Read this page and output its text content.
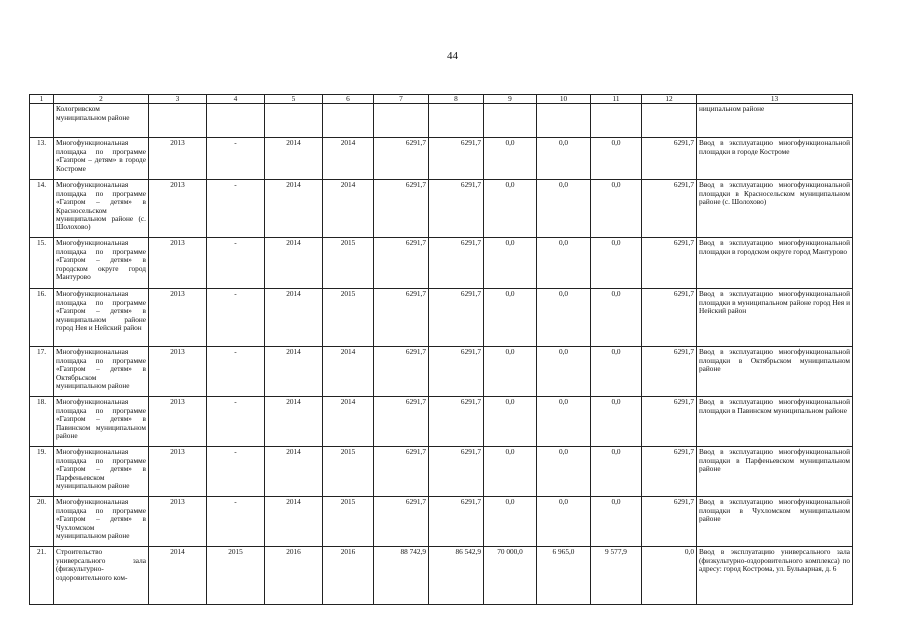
44
1	2	3	4	5	6	7	8	9	10	11	12	13
	Кологривском муниципальном районе											ниципальном районе
13.	Многофункциональная площадка по программе «Газпром – детям» в городе Костроме	2013	-	2014	2014	6291,7	6291,7	0,0	0,0	0,0	6291,7	Ввод в эксплуатацию многофункциональной площадки в городе Костроме
14.	Многофункциональная площадка по программе «Газпром – детям» в Красносельском муниципальном районе (с. Шолохово)	2013	-	2014	2014	6291,7	6291,7	0,0	0,0	0,0	6291,7	Ввод в эксплуатацию многофункциональной площадки в Красносельском муниципальном районе (с. Шолохово)
15.	Многофункциональная площадка по программе «Газпром – детям» в городском округе город Мантурово	2013	-	2014	2015	6291,7	6291,7	0,0	0,0	0,0	6291,7	Ввод в эксплуатацию многофункциональной площадки в городском округе город Мантурово
16.	Многофункциональная площадка по программе «Газпром – детям» в муниципальном районе город Нея и Нейский район	2013	-	2014	2015	6291,7	6291,7	0,0	0,0	0,0	6291,7	Ввод в эксплуатацию многофункциональной площадки в муниципальном районе город Нея и Нейский район
17.	Многофункциональная площадка по программе «Газпром – детям» в Октябрьском муниципальном районе	2013	-	2014	2014	6291,7	6291,7	0,0	0,0	0,0	6291,7	Ввод в эксплуатацию многофункциональной площадки в Октябрьском муниципальном районе
18.	Многофункциональная площадка по программе «Газпром – детям» в Павинском муниципальном районе	2013	-	2014	2014	6291,7	6291,7	0,0	0,0	0,0	6291,7	Ввод в эксплуатацию многофункциональной площадки в Павинском муниципальном районе
19.	Многофункциональная площадка по программе «Газпром – детям» в Парфеньевском муниципальном районе	2013	-	2014	2015	6291,7	6291,7	0,0	0,0	0,0	6291,7	Ввод в эксплуатацию многофункциональной площадки в Парфеньевском муниципальном районе
20.	Многофункциональная площадка по программе «Газпром – детям» в Чухломском муниципальном районе	2013	-	2014	2015	6291,7	6291,7	0,0	0,0	0,0	6291,7	Ввод в эксплуатацию многофункциональной площадки в Чухломском муниципальном районе
21.	Строительство универсального зала (физкультурно-оздоровительного ком-	2014	2015	2016	2016	88 742,9	86 542,9	70 000,0	6 965,0	9 577,9	0,0	Ввод в эксплуатацию универсального зала (физкультурно-оздоровительного комплекса) по адресу: город Кострома, ул. Бульварная, д. 6
